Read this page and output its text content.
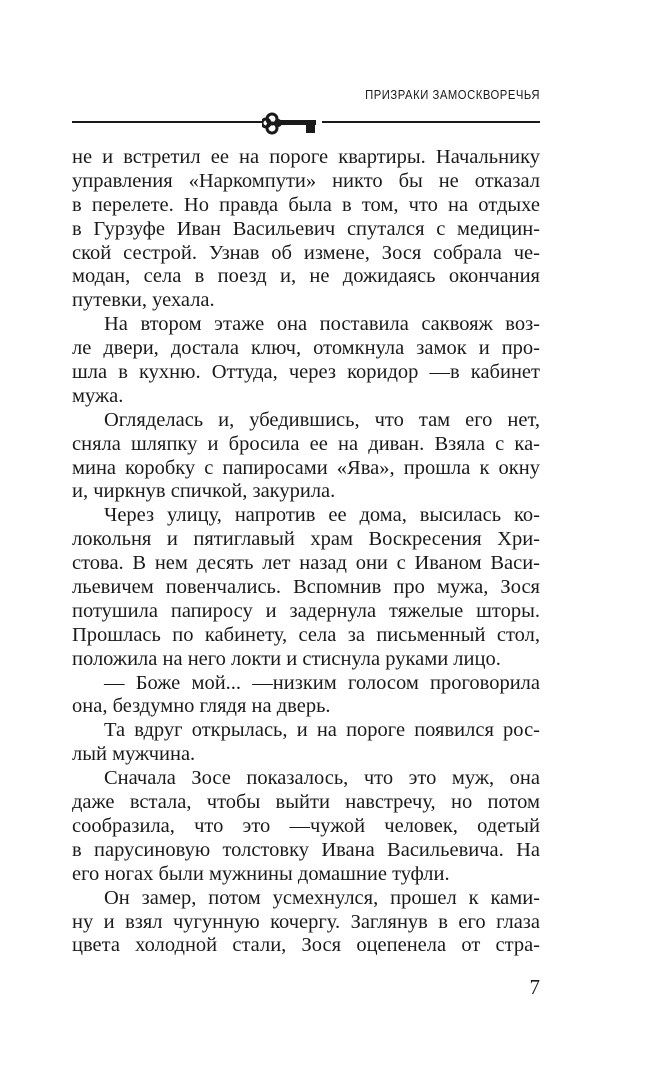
ПРИЗРАКИ ЗАМОСКВОРЕЧЬЯ
не и встретил ее на пороге квартиры. Начальнику
управления «Наркомпути» никто бы не отказал
в перелете. Но правда была в том, что на отдыхе
в Гурзуфе Иван Васильевич спутался с медицин-
ской сестрой. Узнав об измене, Зося собрала че-
модан, села в поезд и, не дожидаясь окончания
путевки, уехала.
На втором этаже она поставила саквояж воз-
ле двери, достала ключ, отомкнула замок и про-
шла в кухню. Оттуда, через коридор —в кабинет
мужа.
Огляделась и, убедившись, что там его нет,
сняла шляпку и бросила ее на диван. Взяла с ка-
мина коробку с папиросами «Ява», прошла к окну
и, чиркнув спичкой, закурила.
Через улицу, напротив ее дома, высилась ко-
локольня и пятиглавый храм Воскресения Хри-
стова. В нем десять лет назад они с Иваном Васи-
льевичем повенчались. Вспомнив про мужа, Зося
потушила папиросу и задернула тяжелые шторы.
Прошлась по кабинету, села за письменный стол,
положила на него локти и стиснула руками лицо.
— Боже мой... —низким голосом проговорила
она, бездумно глядя на дверь.
Та вдруг открылась, и на пороге появился рос-
лый мужчина.
Сначала Зосе показалось, что это муж, она
даже встала, чтобы выйти навстречу, но потом
сообразила, что это —чужой человек, одетый
в парусиновую толстовку Ивана Васильевича. На
его ногах были мужнины домашние туфли.
Он замер, потом усмехнулся, прошел к ками-
ну и взял чугунную кочергу. Заглянув в его глаза
цвета холодной стали, Зося оцепенела от стра-
7
